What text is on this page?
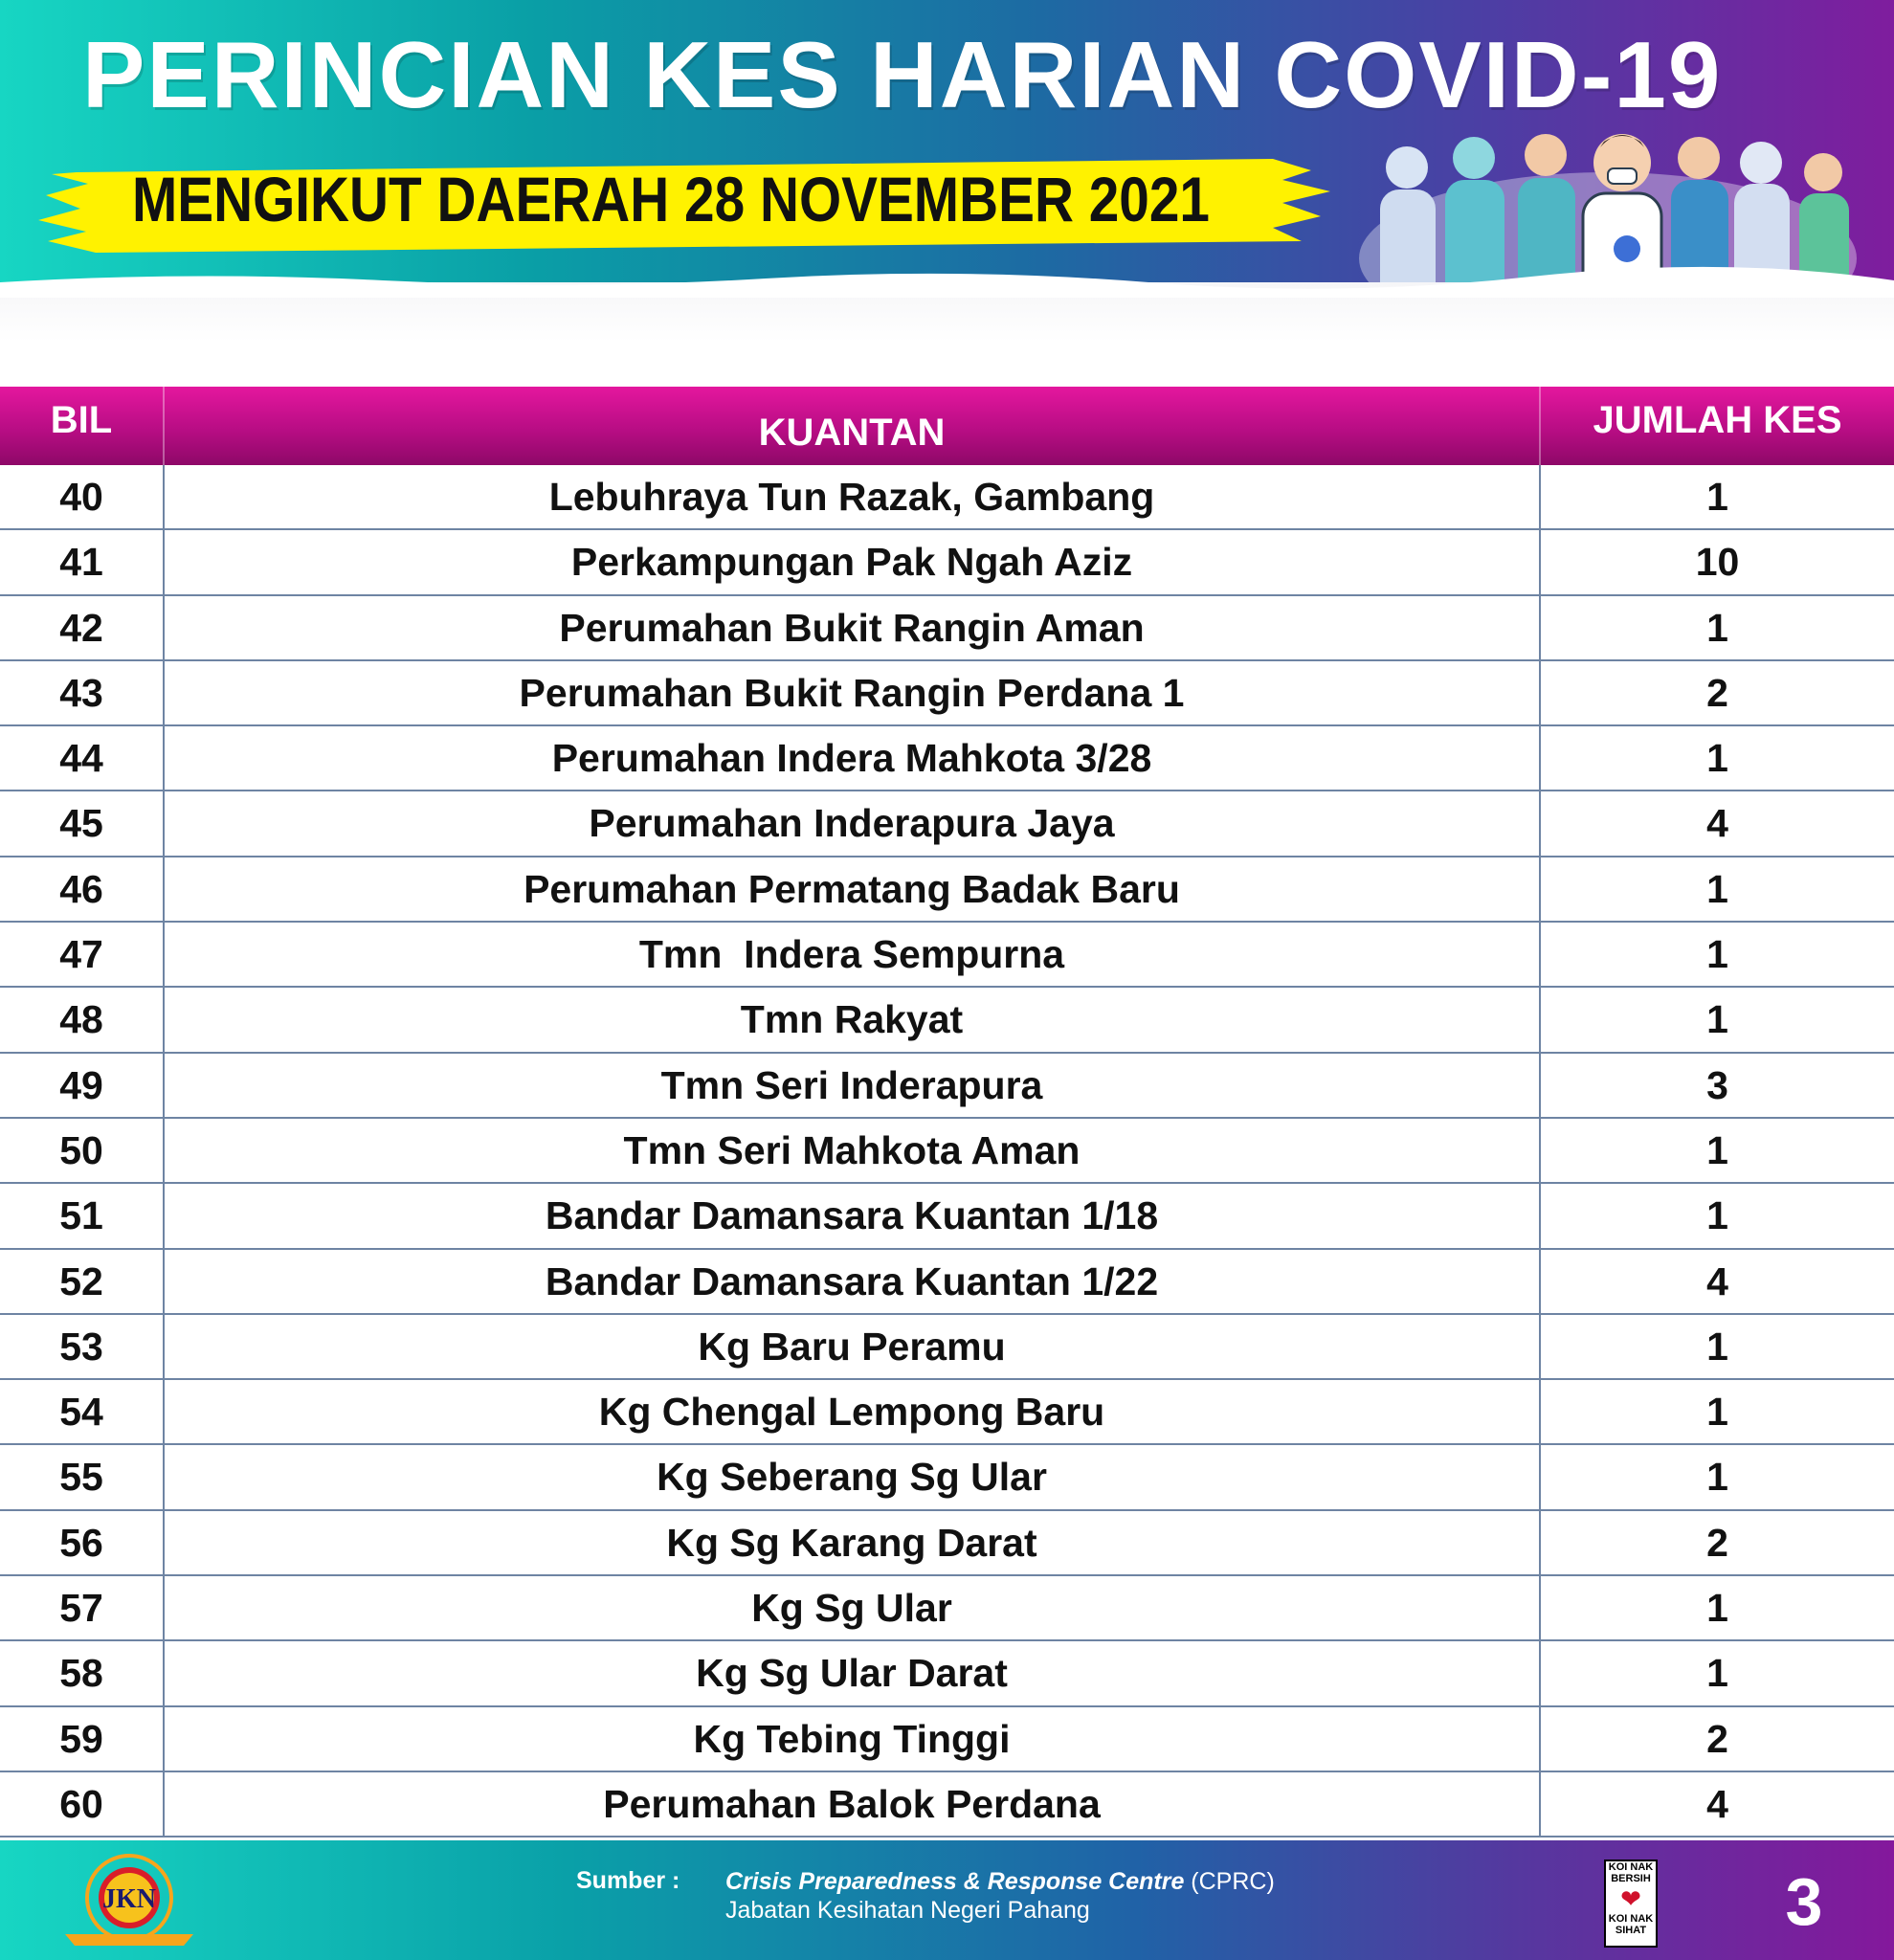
PERINCIAN KES HARIAN COVID-19
MENGIKUT DAERAH 28 NOVEMBER 2021
BIL	KUANTAN	JUMLAH KES
40	Lebuhraya Tun Razak, Gambang	1
41	Perkampungan Pak Ngah Aziz	10
42	Perumahan Bukit Rangin Aman	1
43	Perumahan Bukit Rangin Perdana 1	2
44	Perumahan Indera Mahkota 3/28	1
45	Perumahan Inderapura Jaya	4
46	Perumahan Permatang Badak Baru	1
47	Tmn  Indera Sempurna	1
48	Tmn Rakyat	1
49	Tmn Seri Inderapura	3
50	Tmn Seri Mahkota Aman	1
51	Bandar Damansara Kuantan 1/18	1
52	Bandar Damansara Kuantan 1/22	4
53	Kg Baru Peramu	1
54	Kg Chengal Lempong Baru	1
55	Kg Seberang Sg Ular	1
56	Kg Sg Karang Darat	2
57	Kg Sg Ular	1
58	Kg Sg Ular Darat	1
59	Kg Tebing Tinggi	2
60	Perumahan Balok Perdana	4
JKN
Sumber : Crisis Preparedness & Response Centre (CPRC)
Jabatan Kesihatan Negeri Pahang
KOI NAK BERSIH
❤
KOI NAK SIHAT 3
